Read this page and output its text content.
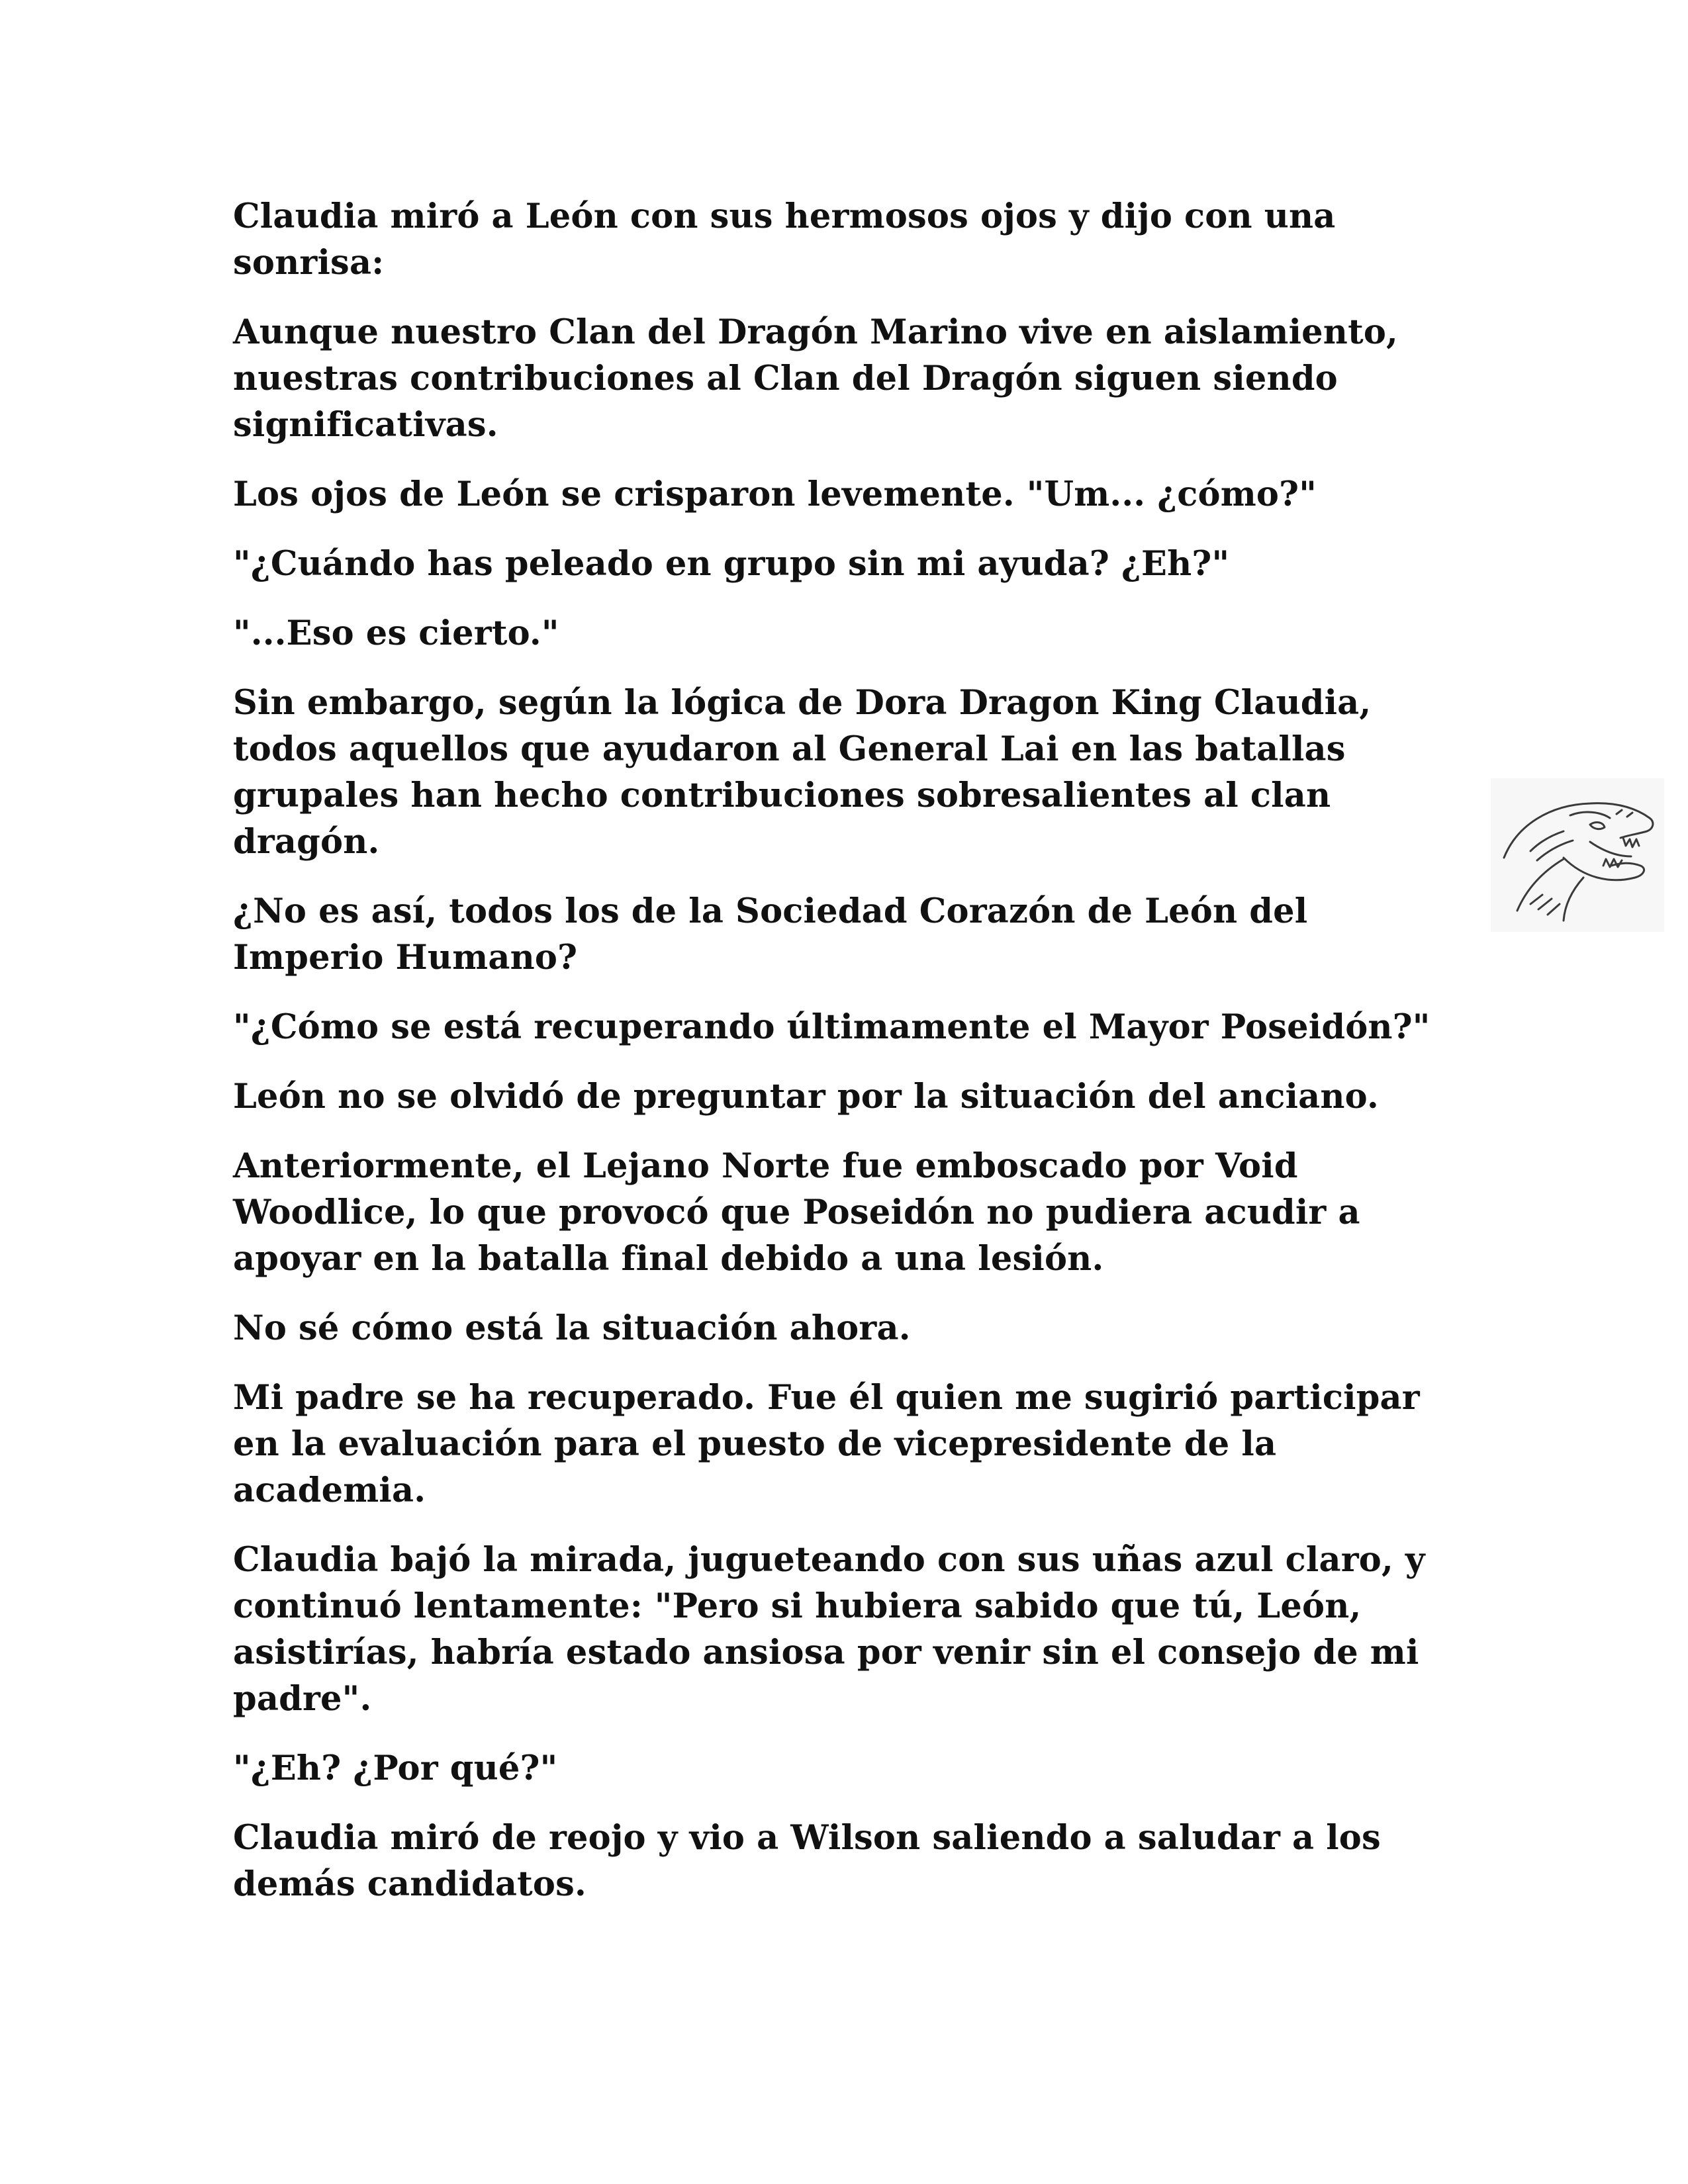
Claudia miró a León con sus hermosos ojos y dijo con una sonrisa:

Aunque nuestro Clan del Dragón Marino vive en aislamiento, nuestras contribuciones al Clan del Dragón siguen siendo significativas.

Los ojos de León se crisparon levemente. "Um... ¿cómo?"

"¿Cuándo has peleado en grupo sin mi ayuda? ¿Eh?"

"...Eso es cierto."

Sin embargo, según la lógica de Dora Dragon King Claudia, todos aquellos que ayudaron al General Lai en las batallas grupales han hecho contribuciones sobresalientes al clan dragón.

¿No es así, todos los de la Sociedad Corazón de León del Imperio Humano?

"¿Cómo se está recuperando últimamente el Mayor Poseidón?"

León no se olvidó de preguntar por la situación del anciano.

Anteriormente, el Lejano Norte fue emboscado por Void Woodlice, lo que provocó que Poseidón no pudiera acudir a apoyar en la batalla final debido a una lesión.

No sé cómo está la situación ahora.

Mi padre se ha recuperado. Fue él quien me sugirió participar en la evaluación para el puesto de vicepresidente de la academia.

Claudia bajó la mirada, jugueteando con sus uñas azul claro, y continuó lentamente: "Pero si hubiera sabido que tú, León, asistirías, habría estado ansiosa por venir sin el consejo de mi padre".

"¿Eh? ¿Por qué?"

Claudia miró de reojo y vio a Wilson saliendo a saludar a los demás candidatos.
